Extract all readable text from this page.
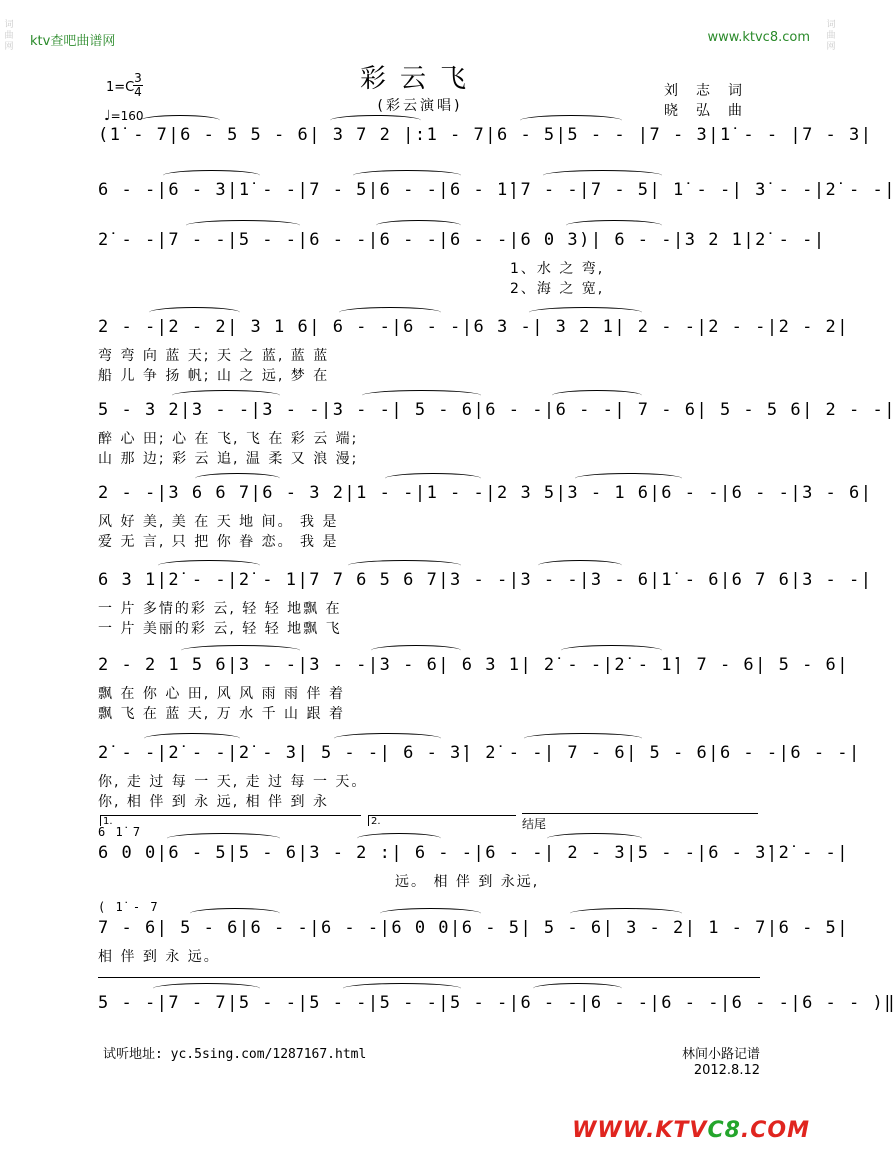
ktv查吧曲谱网	www.ktvc8.com
词曲网
词曲网
彩云飞
(彩云演唱)
刘志词
晓弘曲
1=C
3
4
♩=160
(1̇ - 7|6 - 5 5 - 6| 3 7 2 |:1 - 7|6 - 5|5 - - |7 - 3|1̇ - - |7 - 3|
6 - -|6 - 3|1̇ - -|7 - 5|6 - -|6 - 1̇|7 - -|7 - 5| 1̇ - -| 3̇ - -|2̇ - -|
2̇ - -|7 - -|5 - -|6 - -|6 - -|6 - -|6 0 3)| 6 - -|3 2 1|2̇ - -|
1、水 之 弯,
2、海 之 宽,
2 - -|2 - 2| 3 1 6| 6 - -|6 - -|6 3 -| 3 2 1| 2 - -|2 - -|2 - 2|
弯 弯 向 蓝 天; 天 之 蓝, 蓝 蓝
船 儿 争 扬 帆; 山 之 远, 梦 在
5 - 3 2|3 - -|3 - -|3 - -| 5 - 6|6 - -|6 - -| 7 - 6| 5 - 5 6| 2 - -|
醉 心 田; 心 在 飞, 飞 在 彩 云 端;
山 那 边; 彩 云 追, 温 柔 又 浪 漫;
2 - -|3 6 6 7|6 - 3 2|1 - -|1 - -|2 3 5|3 - 1 6|6 - -|6 - -|3 - 6|
风 好 美, 美 在 天 地 间。 我 是
爱 无 言, 只 把 你 眷 恋。 我 是
6 3 1|2̇ - -|2̇ - 1|7 7 6 5 6 7|3 - -|3 - -|3 - 6|1̇ - 6|6 7 6|3 - -|
一 片 多情的彩 云, 轻 轻 地飘 在
一 片 美丽的彩 云, 轻 轻 地飘 飞
2 - 2 1 5 6|3 - -|3 - -|3 - 6| 6 3 1| 2̇ - -|2̇ - 1̇| 7 - 6| 5 - 6|
飘 在 你 心 田, 风 风 雨 雨 伴 着
飘 飞 在 蓝 天, 万 水 千 山 跟 着
2̇ - -|2̇ - -|2̇ - 3| 5 - -| 6 - 3̇| 2̇ - -| 7 - 6| 5 - 6|6 - -|6 - -|
你, 走 过 每 一 天, 走 过 每 一 天。
你, 相 伴 到 永 远, 相 伴 到 永
6 1̇ 7
1.	2.	结尾
6 0 0|6 - 5|5 - 6|3 - 2 :| 6 - -|6 - -| 2 - 3|5 - -|6 - 3̇|2̇ - -|
远。 相 伴 到 永远,
( 1̇ - 7
7 - 6| 5 - 6|6 - -|6 - -|6 0 0|6 - 5| 5 - 6| 3 - 2| 1 - 7|6 - 5|
相 伴 到 永 远。
5 - -|7 - 7|5 - -|5 - -|5 - -|5 - -|6 - -|6 - -|6 - -|6 - -|6 - - )‖
试听地址: yc.5sing.com/1287167.html	林间小路记谱
2012.8.12
WWW.KTVC8.COM
